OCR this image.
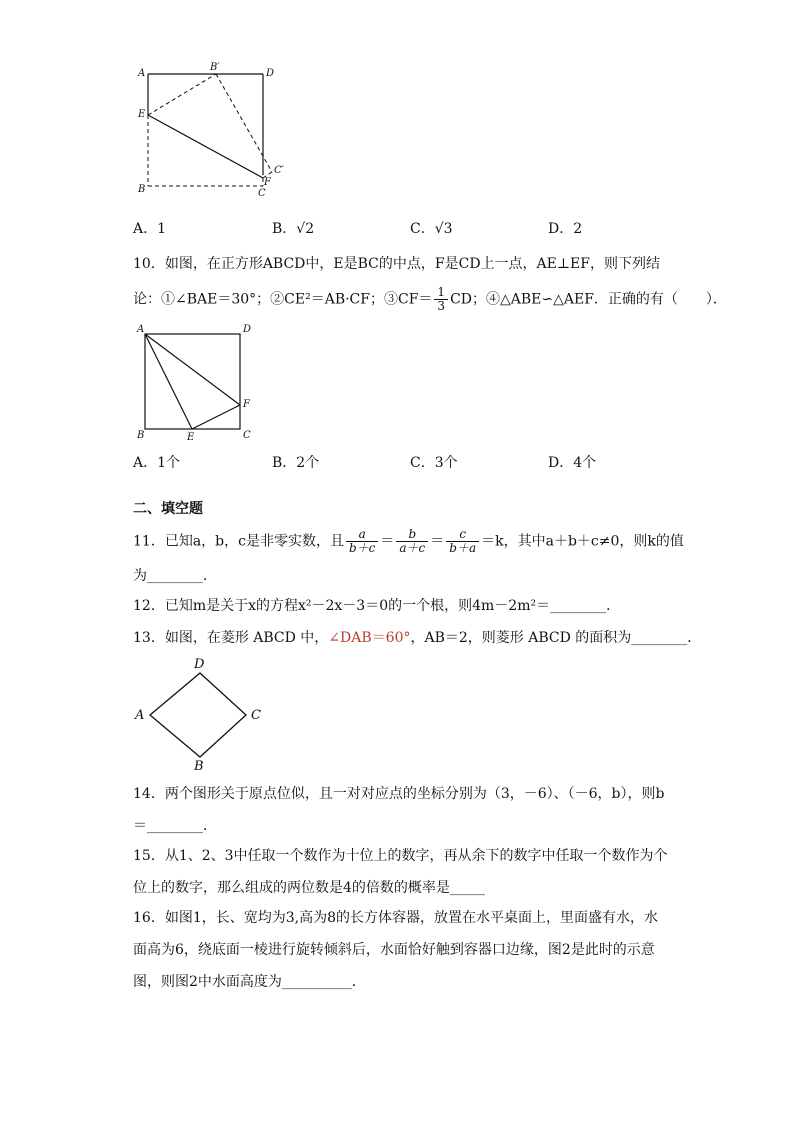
A
B′
D
E
C′
F
B	C
A．1	B．√2	C．√3	D．2
10．如图，在正方形ABCD中，E是BC的中点，F是CD上一点，AE⊥EF，则下列结
论：①∠BAE＝30°；②CE²＝AB·CF；③CF＝ $\frac{1}{3}$ CD；④△ABE∽△AEF．正确的有（　　）．
A	D
F
B	E	C
A．1个	B．2个	C．3个	D．4个
二、填空题
11．已知a，b，c是非零实数，且 $\frac{a}{b+c} = \frac{b}{a+c} = \frac{c}{b+a} =k$，其中a＋b＋c≠0，则k的值
为________．
12．已知m是关于x的方程x²－2x－3＝0的一个根，则4m－2m²＝________．
13．如图，在菱形 ABCD 中，∠DAB＝60°，AB＝2，则菱形 ABCD 的面积为________．
D
A	C
B
14．两个图形关于原点位似，且一对对应点的坐标分别为（3，－6）、（－6，b），则b
＝________．
15．从1、2、3中任取一个数作为十位上的数字，再从余下的数字中任取一个数作为个
位上的数字，那么组成的两位数是4的倍数的概率是_____
16．如图1，长、宽均为3,高为8的长方体容器，放置在水平桌面上，里面盛有水，水
面高为6，绕底面一棱进行旋转倾斜后，水面恰好触到容器口边缘，图2是此时的示意
图，则图2中水面高度为__________．
